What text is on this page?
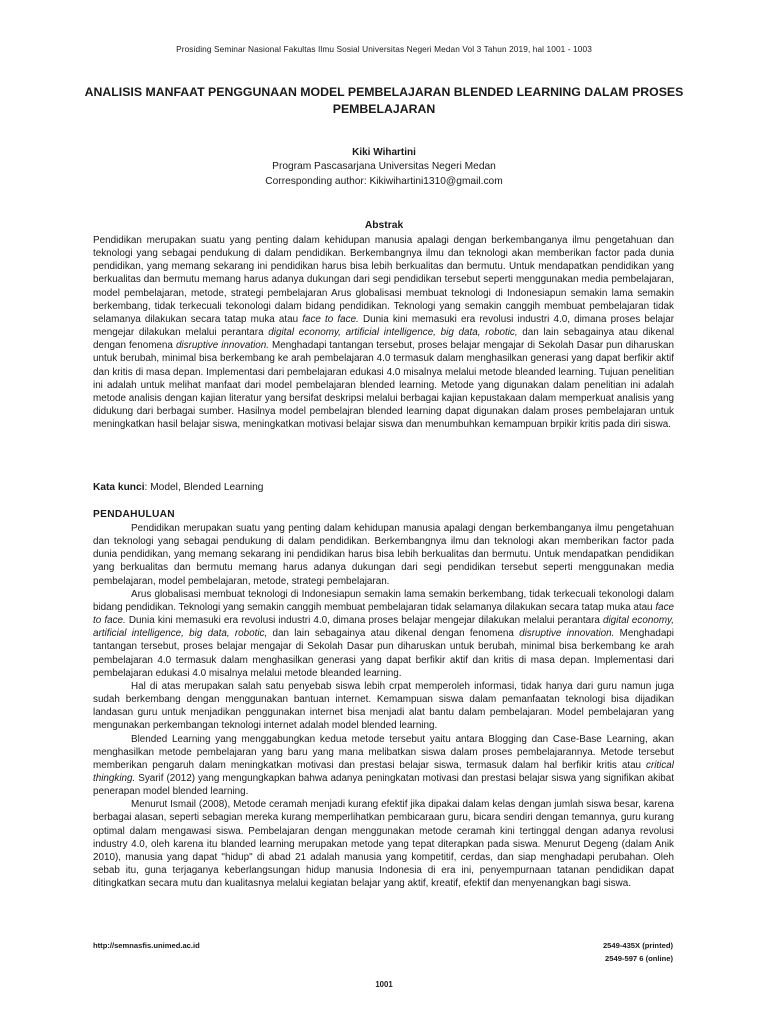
Prosiding Seminar Nasional Fakultas Ilmu Sosial Universitas Negeri Medan Vol 3 Tahun 2019, hal 1001 - 1003
ANALISIS MANFAAT PENGGUNAAN MODEL PEMBELAJARAN BLENDED LEARNING DALAM PROSES PEMBELAJARAN
Kiki Wihartini
Program Pascasarjana Universitas Negeri Medan
Corresponding author: Kikiwihartini1310@gmail.com
Abstrak
Pendidikan merupakan suatu yang penting dalam kehidupan manusia apalagi dengan berkembanganya ilmu pengetahuan dan teknologi yang sebagai pendukung di dalam pendidikan. Berkembangnya ilmu dan teknologi akan memberikan factor pada dunia pendidikan, yang memang sekarang ini pendidikan harus bisa lebih berkualitas dan bermutu. Untuk mendapatkan pendidikan yang berkualitas dan bermutu memang harus adanya dukungan dari segi pendidikan tersebut seperti menggunakan media pembelajaran, model pembelajaran, metode, strategi pembelajaran Arus globalisasi membuat teknologi di Indonesiapun semakin lama semakin berkembang, tidak terkecuali tekonologi dalam bidang pendidikan. Teknologi yang semakin canggih membuat pembelajaran tidak selamanya dilakukan secara tatap muka atau face to face. Dunia kini memasuki era revolusi industri 4.0, dimana proses belajar mengejar dilakukan melalui perantara digital economy, artificial intelligence, big data, robotic, dan lain sebagainya atau dikenal dengan fenomena disruptive innovation. Menghadapi tantangan tersebut, proses belajar mengajar di Sekolah Dasar pun diharuskan untuk berubah, minimal bisa berkembang ke arah pembelajaran 4.0 termasuk dalam menghasilkan generasi yang dapat berfikir aktif dan kritis di masa depan. Implementasi dari pembelajaran edukasi 4.0 misalnya melalui metode bleanded learning. Tujuan penelitian ini adalah untuk melihat manfaat dari model pembelajaran blended learning. Metode yang digunakan dalam penelitian ini adalah metode analisis dengan kajian literatur yang bersifat deskripsi melalui berbagai kajian kepustakaan dalam memperkuat analisis yang didukung dari berbagai sumber. Hasilnya model pembelajran blended learning dapat digunakan dalam proses pembelajaran untuk meningkatkan hasil belajar siswa, meningkatkan motivasi belajar siswa dan menumbuhkan kemampuan brpikir kritis pada diri siswa.
Kata kunci: Model, Blended Learning
PENDAHULUAN

Pendidikan merupakan suatu yang penting dalam kehidupan manusia apalagi dengan berkembanganya ilmu pengetahuan dan teknologi yang sebagai pendukung di dalam pendidikan. Berkembangnya ilmu dan teknologi akan memberikan factor pada dunia pendidikan, yang memang sekarang ini pendidikan harus bisa lebih berkualitas dan bermutu. Untuk mendapatkan pendidikan yang berkualitas dan bermutu memang harus adanya dukungan dari segi pendidikan tersebut seperti menggunakan media pembelajaran, model pembelajaran, metode, strategi pembelajaran.

Arus globalisasi membuat teknologi di Indonesiapun semakin lama semakin berkembang, tidak terkecuali tekonologi dalam bidang pendidikan. Teknologi yang semakin canggih membuat pembelajaran tidak selamanya dilakukan secara tatap muka atau face to face. Dunia kini memasuki era revolusi industri 4.0, dimana proses belajar mengejar dilakukan melalui perantara digital economy, artificial intelligence, big data, robotic, dan lain sebagainya atau dikenal dengan fenomena disruptive innovation. Menghadapi tantangan tersebut, proses belajar mengajar di Sekolah Dasar pun diharuskan untuk berubah, minimal bisa berkembang ke arah pembelajaran 4.0 termasuk dalam menghasilkan generasi yang dapat berfikir aktif dan kritis di masa depan. Implementasi dari pembelajaran edukasi 4.0 misalnya melalui metode bleanded learning.

Hal di atas merupakan salah satu penyebab siswa lebih crpat memperoleh informasi, tidak hanya dari guru namun juga sudah berkembang dengan menggunakan bantuan internet. Kemampuan siswa dalam pemanfaatan teknologi bisa dijadikan landasan guru untuk menjadikan penggunakan internet bisa menjadi alat bantu dalam pembelajaran. Model pembelajaran yang mengunakan perkembangan teknologi internet adalah model blended learning.

Blended Learning yang menggabungkan kedua metode tersebut yaitu antara Blogging dan Case-Base Learning, akan menghasilkan metode pembelajaran yang baru yang mana melibatkan siswa dalam proses pembelajarannya. Metode tersebut memberikan pengaruh dalam meningkatkan motivasi dan prestasi belajar siswa, termasuk dalam hal berfikir kritis atau critical thingking. Syarif (2012) yang mengungkapkan bahwa adanya peningkatan motivasi dan prestasi belajar siswa yang signifikan akibat penerapan model blended learning.

Menurut Ismail (2008), Metode ceramah menjadi kurang efektif jika dipakai dalam kelas dengan jumlah siswa besar, karena berbagai alasan, seperti sebagian mereka kurang memperlihatkan pembicaraan guru, bicara sendiri dengan temannya, guru kurang optimal dalam mengawasi siswa. Pembelajaran dengan menggunakan metode ceramah kini tertinggal dengan adanya revolusi industry 4.0, oleh karena itu blanded learning merupakan metode yang tepat diterapkan pada siswa. Menurut Degeng (dalam Anik 2010), manusia yang dapat "hidup" di abad 21 adalah manusia yang kompetitif, cerdas, dan siap menghadapi perubahan. Oleh sebab itu, guna terjaganya keberlangsungan hidup manusia Indonesia di era ini, penyempurnaan tatanan pendidikan dapat ditingkatkan secara mutu dan kualitasnya melalui kegiatan belajar yang aktif, kreatif, efektif dan menyenangkan bagi siswa.

http://semnasfis.unimed.ac.id	2549-435X (printed)
2549-597 6 (online)
1001
